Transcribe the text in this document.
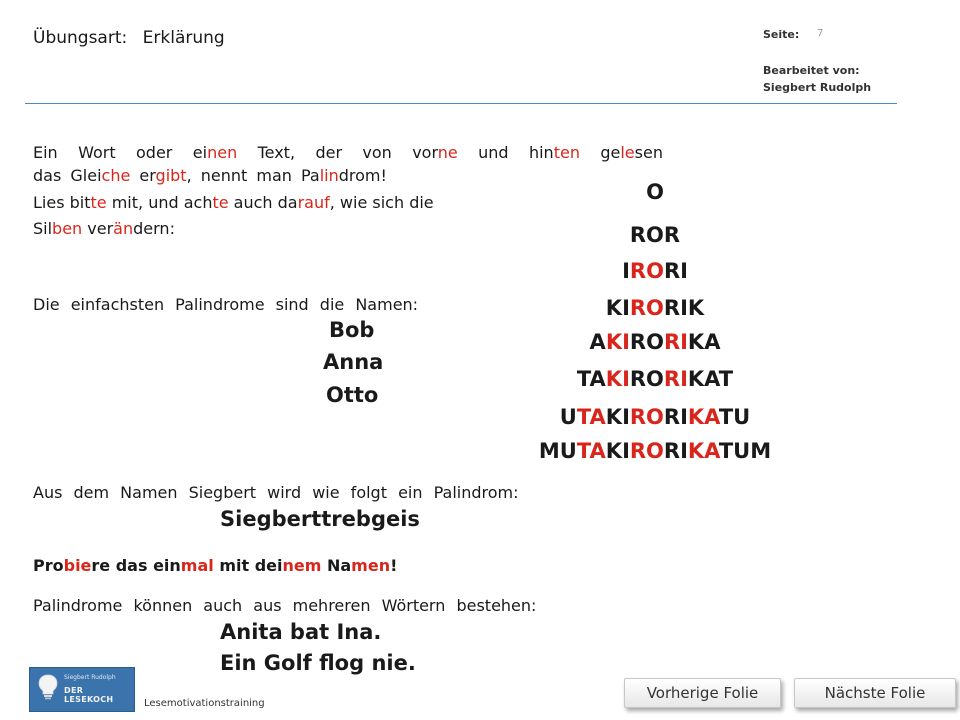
Übungsart: Erklärung	Seite: 7
Bearbeitet von:
Siegbert Rudolph
Ein Wort oder einen Text, der von vorne und hinten gelesen
das Gleiche ergibt, nennt man Palindrom!
Lies bitte mit, und achte auch darauf, wie sich die
Silben verändern:
O
ROR
IRORI
KIRORIK
AKIRORIKA
TAKIRORIKAT
UTAKIRORIKATU
MUTAKIRORIKATUM
Die einfachsten Palindrome sind die Namen:
Bob
Anna
Otto
Aus dem Namen Siegbert wird wie folgt ein Palindrom:
Siegberttrebgeis
Probiere das einmal mit deinem Namen!
Palindrome können auch aus mehreren Wörtern bestehen:
Anita bat Ina.
Ein Golf flog nie.
Siegbert Rudolph
DER LESEKOCH	Lesemotivationstraining
Vorherige Folie	Nächste Folie
